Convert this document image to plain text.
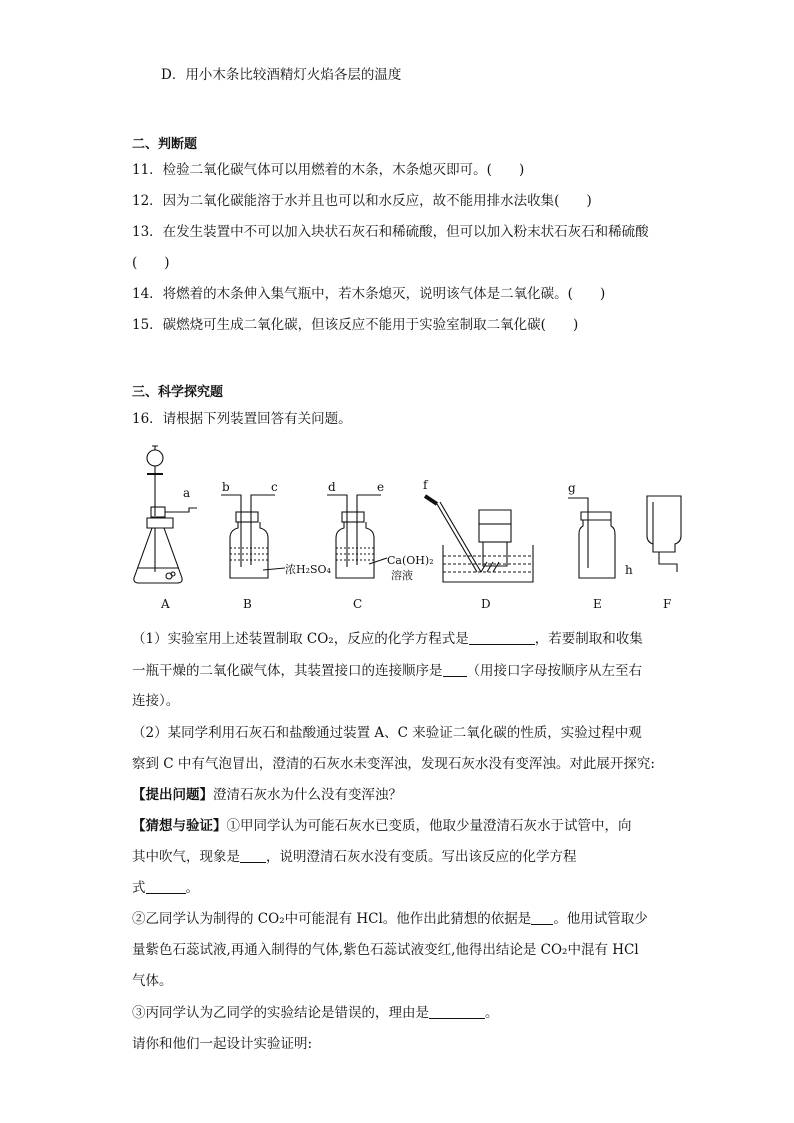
D．用小木条比较酒精灯火焰各层的温度
二、判断题
11．检验二氧化碳气体可以用燃着的木条，木条熄灭即可。(　　)
12．因为二氧化碳能溶于水并且也可以和水反应，故不能用排水法收集(　　)
13．在发生装置中不可以加入块状石灰石和稀硫酸，但可以加入粉末状石灰石和稀硫酸
(　　)
14．将燃着的木条伸入集气瓶中，若木条熄灭，说明该气体是二氧化碳。(　　)
15．碳燃烧可生成二氧化碳，但该反应不能用于实验室制取二氧化碳(　　)
三、科学探究题
16．请根据下列装置回答有关问题。
a
A
b	c
浓H₂SO₄
B
d	e
Ca(OH)₂
溶液
C
f
D
g
E
h
F
（1）实验室用上述装置制取 CO₂，反应的化学方程式是	，若要制取和收集
一瓶干燥的二氧化碳气体，其装置接口的连接顺序是 （用接口字母按顺序从左至右
连接）。
（2）某同学利用石灰石和盐酸通过装置 A、C 来验证二氧化碳的性质，实验过程中观
察到 C 中有气泡冒出，澄清的石灰水未变浑浊，发现石灰水没有变浑浊。对此展开探究:
【提出问题】澄清石灰水为什么没有变浑浊？
【猜想与验证】①甲同学认为可能石灰水已变质，他取少量澄清石灰水于试管中，向
其中吹气，现象是 ，说明澄清石灰水没有变质。写出该反应的化学方程
式	。
②乙同学认为制得的 CO₂中可能混有 HCl。他作出此猜想的依据是 。他用试管取少
量紫色石蕊试液,再通入制得的气体,紫色石蕊试液变红,他得出结论是 CO₂中混有 HCl
气体。
③丙同学认为乙同学的实验结论是错误的，理由是	。
请你和他们一起设计实验证明:
